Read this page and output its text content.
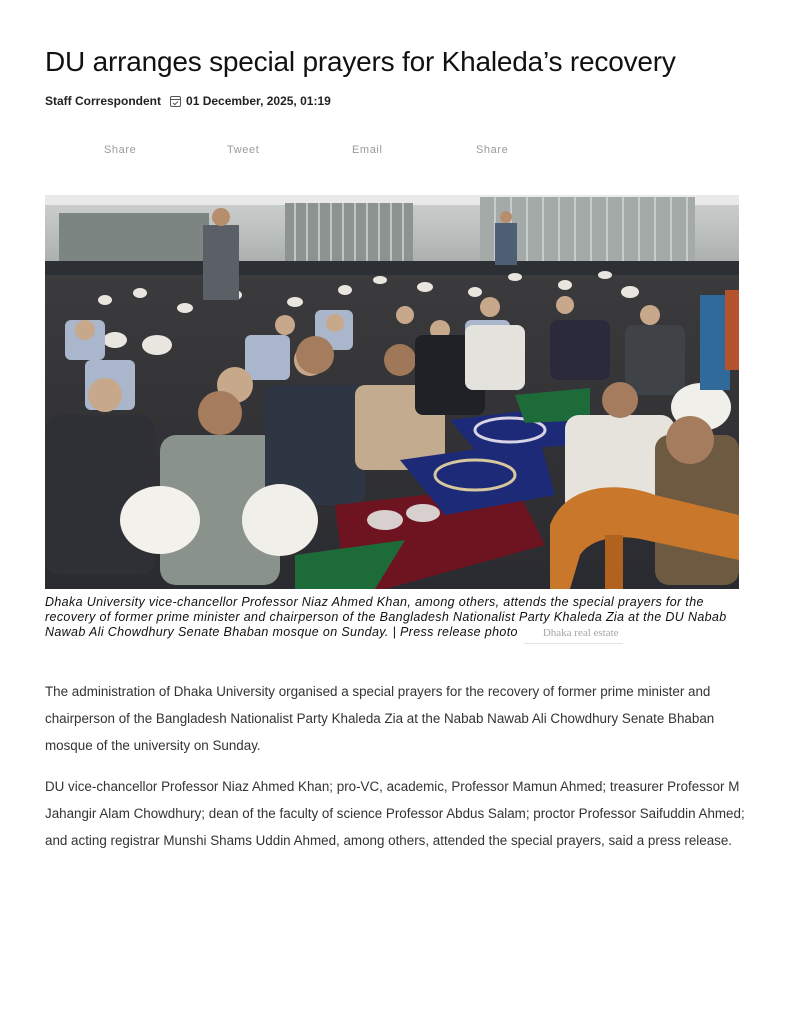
DU arranges special prayers for Khaleda’s recovery
Staff Correspondent 01 December, 2025, 01:19
Share	Tweet	Email	Share

Dhaka University vice-chancellor Professor Niaz Ahmed Khan, among others, attends the special prayers for the recovery of former prime minister and chairperson of the Bangladesh Nationalist Party Khaleda Zia at the DU Nabab Nawab Ali Chowdhury Senate Bhaban mosque on Sunday. | Press release photo Dhaka real estate

The administration of Dhaka University organised a special prayers for the recovery of former prime minister and chairperson of the Bangladesh Nationalist Party Khaleda Zia at the Nabab Nawab Ali Chowdhury Senate Bhaban mosque of the university on Sunday.

DU vice-chancellor Professor Niaz Ahmed Khan; pro-VC, academic, Professor Mamun Ahmed; treasurer Professor M Jahangir Alam Chowdhury; dean of the faculty of science Professor Abdus Salam; proctor Professor Saifuddin Ahmed; and acting registrar Munshi Shams Uddin Ahmed, among others, attended the special prayers, said a press release.
